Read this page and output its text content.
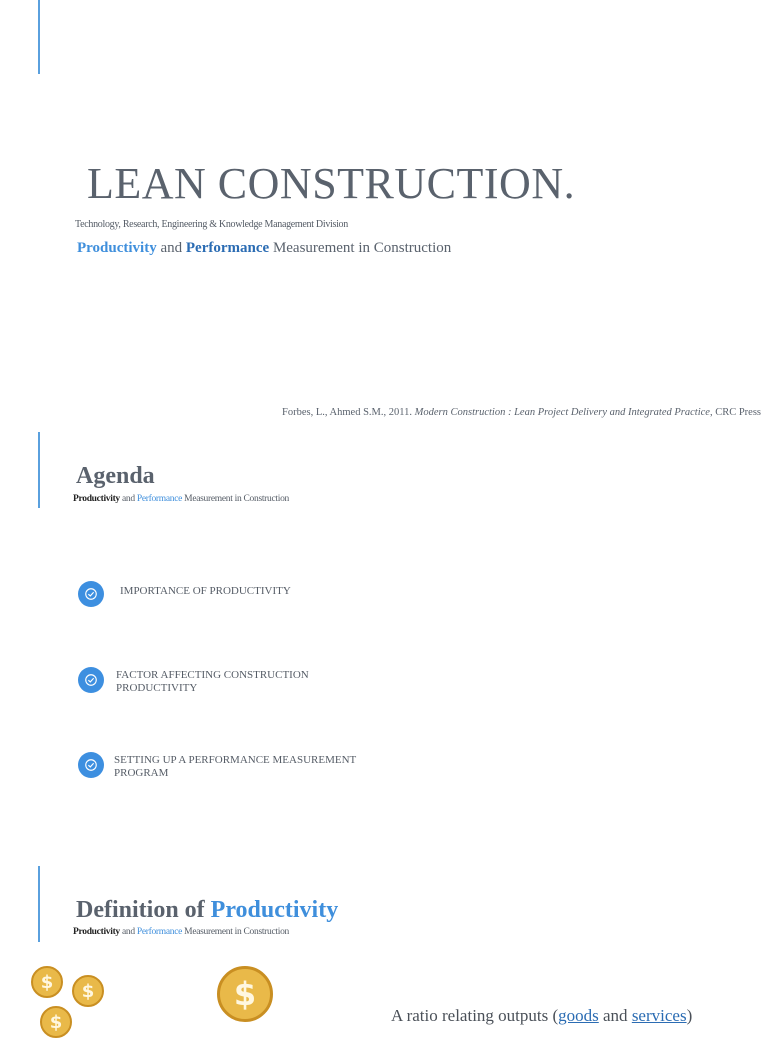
LEAN CONSTRUCTION.
Technology, Research, Engineering & Knowledge Management Division
Productivity and Performance Measurement in Construction
Forbes, L., Ahmed S.M., 2011. Modern Construction : Lean Project Delivery and Integrated Practice, CRC Press
Agenda
Productivity and Performance Measurement in Construction
IMPORTANCE OF PRODUCTIVITY
FACTOR AFFECTING CONSTRUCTION
PRODUCTIVITY
SETTING UP A PERFORMANCE MEASUREMENT
PROGRAM
Definition of Productivity
Productivity and Performance Measurement in Construction
$	$
$
$
A ratio relating outputs (goods and services)
